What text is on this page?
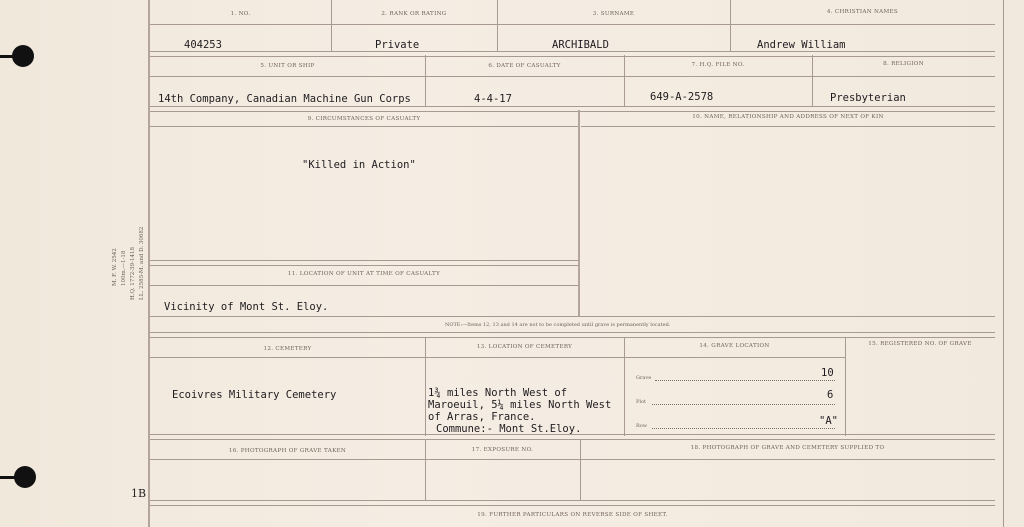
M. F. W. 2542 100m.—1-18 H.Q. 1772-39-1418 I.L. 2585-M. and D. 30682
1B
1. NO.	2. RANK OR RATING	3. SURNAME	4. CHRISTIAN NAMES
404253	Private	ARCHIBALD	Andrew William
5. UNIT OR SHIP	6. DATE OF CASUALTY	7. H.Q. FILE NO.	8. RELIGION
14th Company, Canadian Machine Gun Corps	4-4-17	649-A-2578	Presbyterian
9. CIRCUMSTANCES OF CASUALTY	10. NAME, RELATIONSHIP AND ADDRESS OF NEXT OF KIN
"Killed in Action"
11. LOCATION OF UNIT AT TIME OF CASUALTY
Vicinity of Mont St. Eloy.
NOTE:—Items 12, 13 and 14 are not to be completed until grave is permanently located.
12. CEMETERY	13. LOCATION OF CEMETERY	14. GRAVE LOCATION	15. REGISTERED NO. OF GRAVE
Ecoivres Military Cemetery	1¾ miles North West of
Maroeuil, 5¼ miles North West
of Arras, France.
Commune:- Mont St.Eloy.
Grave	10
Plot
6
Row	"A"
16. PHOTOGRAPH OF GRAVE TAKEN	17. EXPOSURE NO.	18. PHOTOGRAPH OF GRAVE AND CEMETERY SUPPLIED TO
19. FURTHER PARTICULARS ON REVERSE SIDE OF SHEET.
